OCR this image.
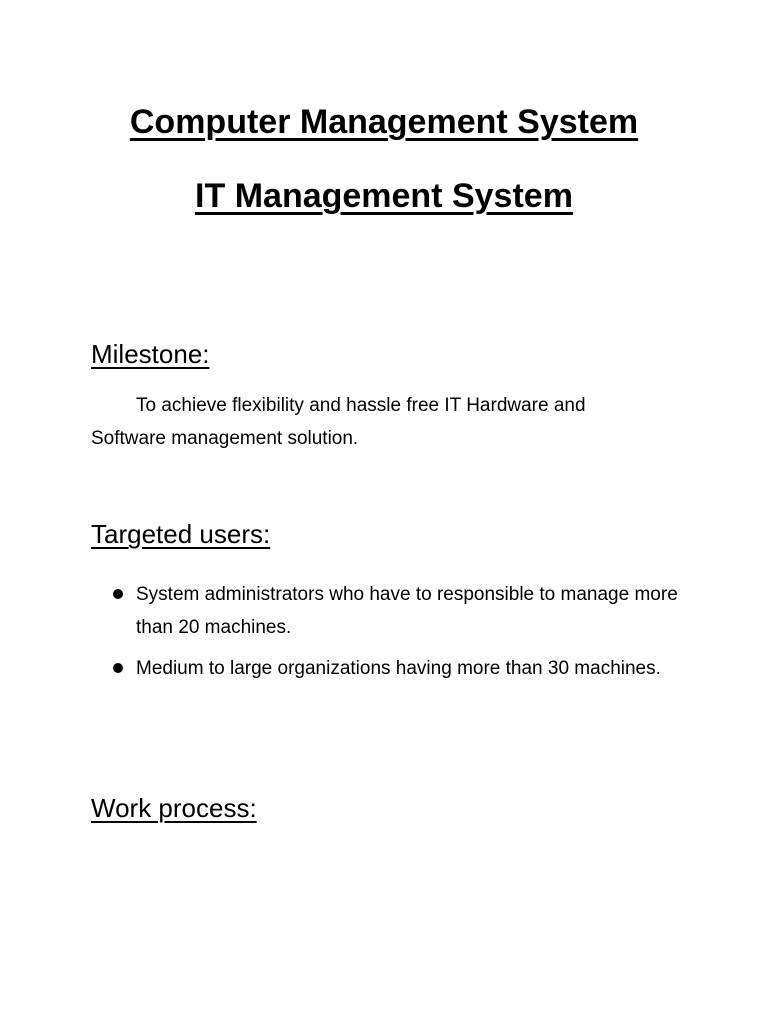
Computer Management System
IT Management System
Milestone:

To achieve flexibility and hassle free IT Hardware and Software management solution.

Targeted users:
System administrators who have to responsible to manage more than 20 machines.
Medium to large organizations having more than 30 machines.
Work process:
